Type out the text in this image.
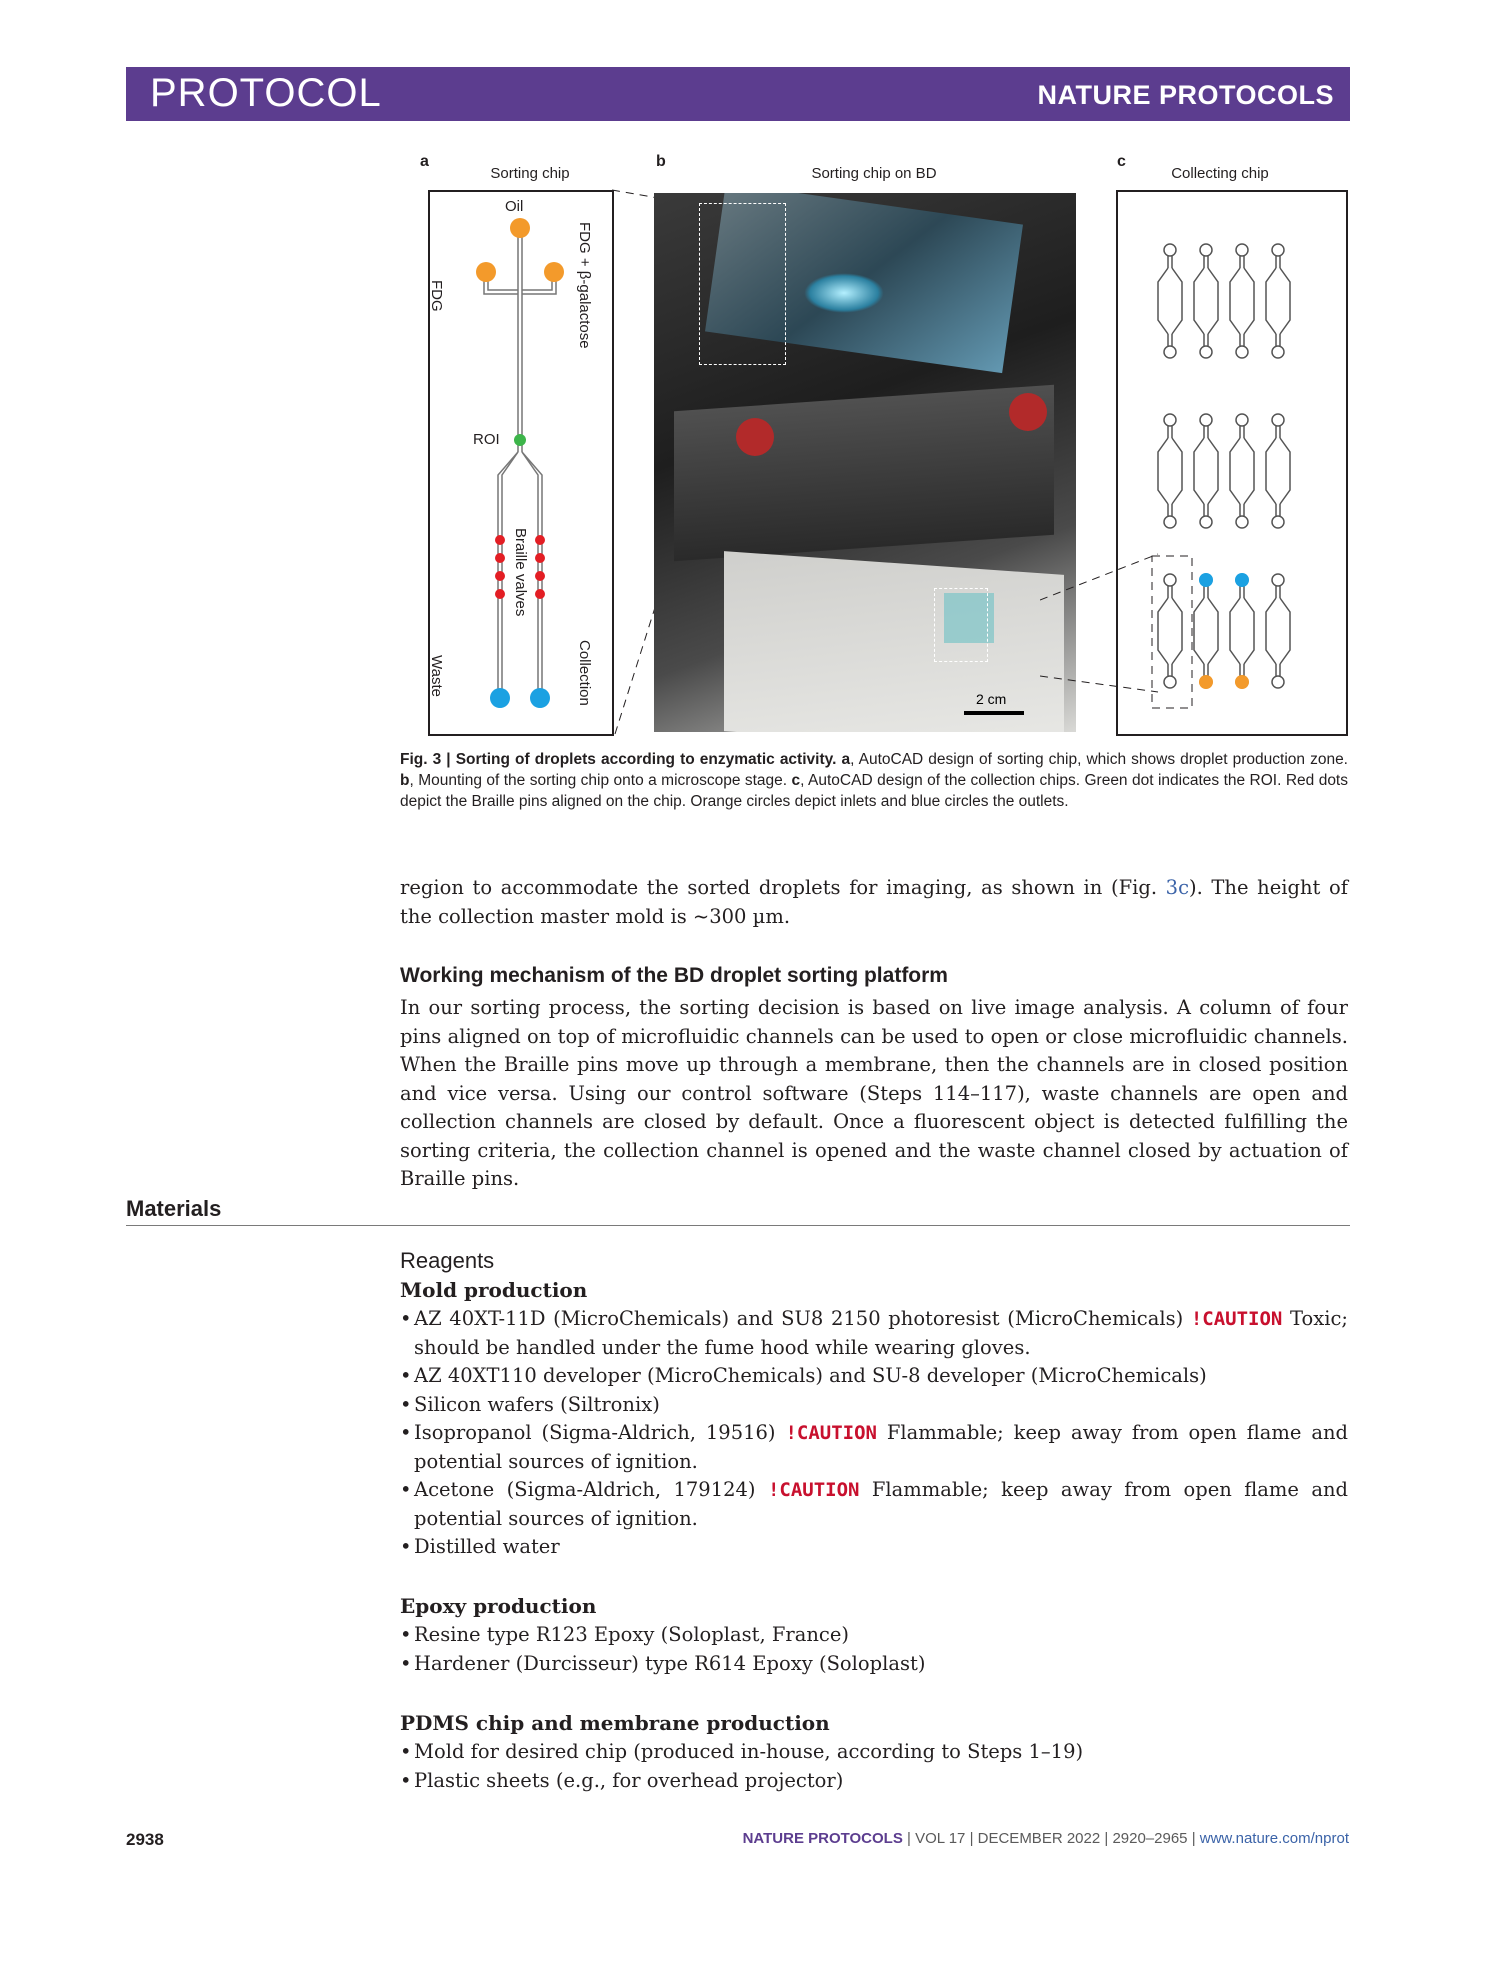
PROTOCOL	NATURE PROTOCOLS
a
Sorting chip
b
Sorting chip on BD
c
Collecting chip
Oil
FDG	FDG + β-galactose
ROI
Braille valves
Waste	Collection	2 cm
Fig. 3 | Sorting of droplets according to enzymatic activity. a, AutoCAD design of sorting chip, which shows droplet production zone. b, Mounting of the sorting chip onto a microscope stage. c, AutoCAD design of the collection chips. Green dot indicates the ROI. Red dots depict the Braille pins aligned on the chip. Orange circles depict inlets and blue circles the outlets.
region to accommodate the sorted droplets for imaging, as shown in (Fig. 3c). The height of the collection master mold is ~300 µm.
Working mechanism of the BD droplet sorting platform
In our sorting process, the sorting decision is based on live image analysis. A column of four pins aligned on top of microfluidic channels can be used to open or close microfluidic channels. When the Braille pins move up through a membrane, then the channels are in closed position and vice versa. Using our control software (Steps 114–117), waste channels are open and collection channels are closed by default. Once a fluorescent object is detected fulfilling the sorting criteria, the collection channel is opened and the waste channel closed by actuation of Braille pins.
Materials
Reagents
Mold production
• AZ 40XT-11D (MicroChemicals) and SU8 2150 photoresist (MicroChemicals) !CAUTION Toxic; should be handled under the fume hood while wearing gloves.
• AZ 40XT110 developer (MicroChemicals) and SU-8 developer (MicroChemicals)
• Silicon wafers (Siltronix)
• Isopropanol (Sigma-Aldrich, 19516) !CAUTION Flammable; keep away from open flame and potential sources of ignition.
• Acetone (Sigma-Aldrich, 179124) !CAUTION Flammable; keep away from open flame and potential sources of ignition.
• Distilled water
Epoxy production
• Resine type R123 Epoxy (Soloplast, France)
• Hardener (Durcisseur) type R614 Epoxy (Soloplast)
PDMS chip and membrane production
• Mold for desired chip (produced in-house, according to Steps 1–19)
• Plastic sheets (e.g., for overhead projector)
2938	NATURE PROTOCOLS | VOL 17 | DECEMBER 2022 | 2920–2965 | www.nature.com/nprot
